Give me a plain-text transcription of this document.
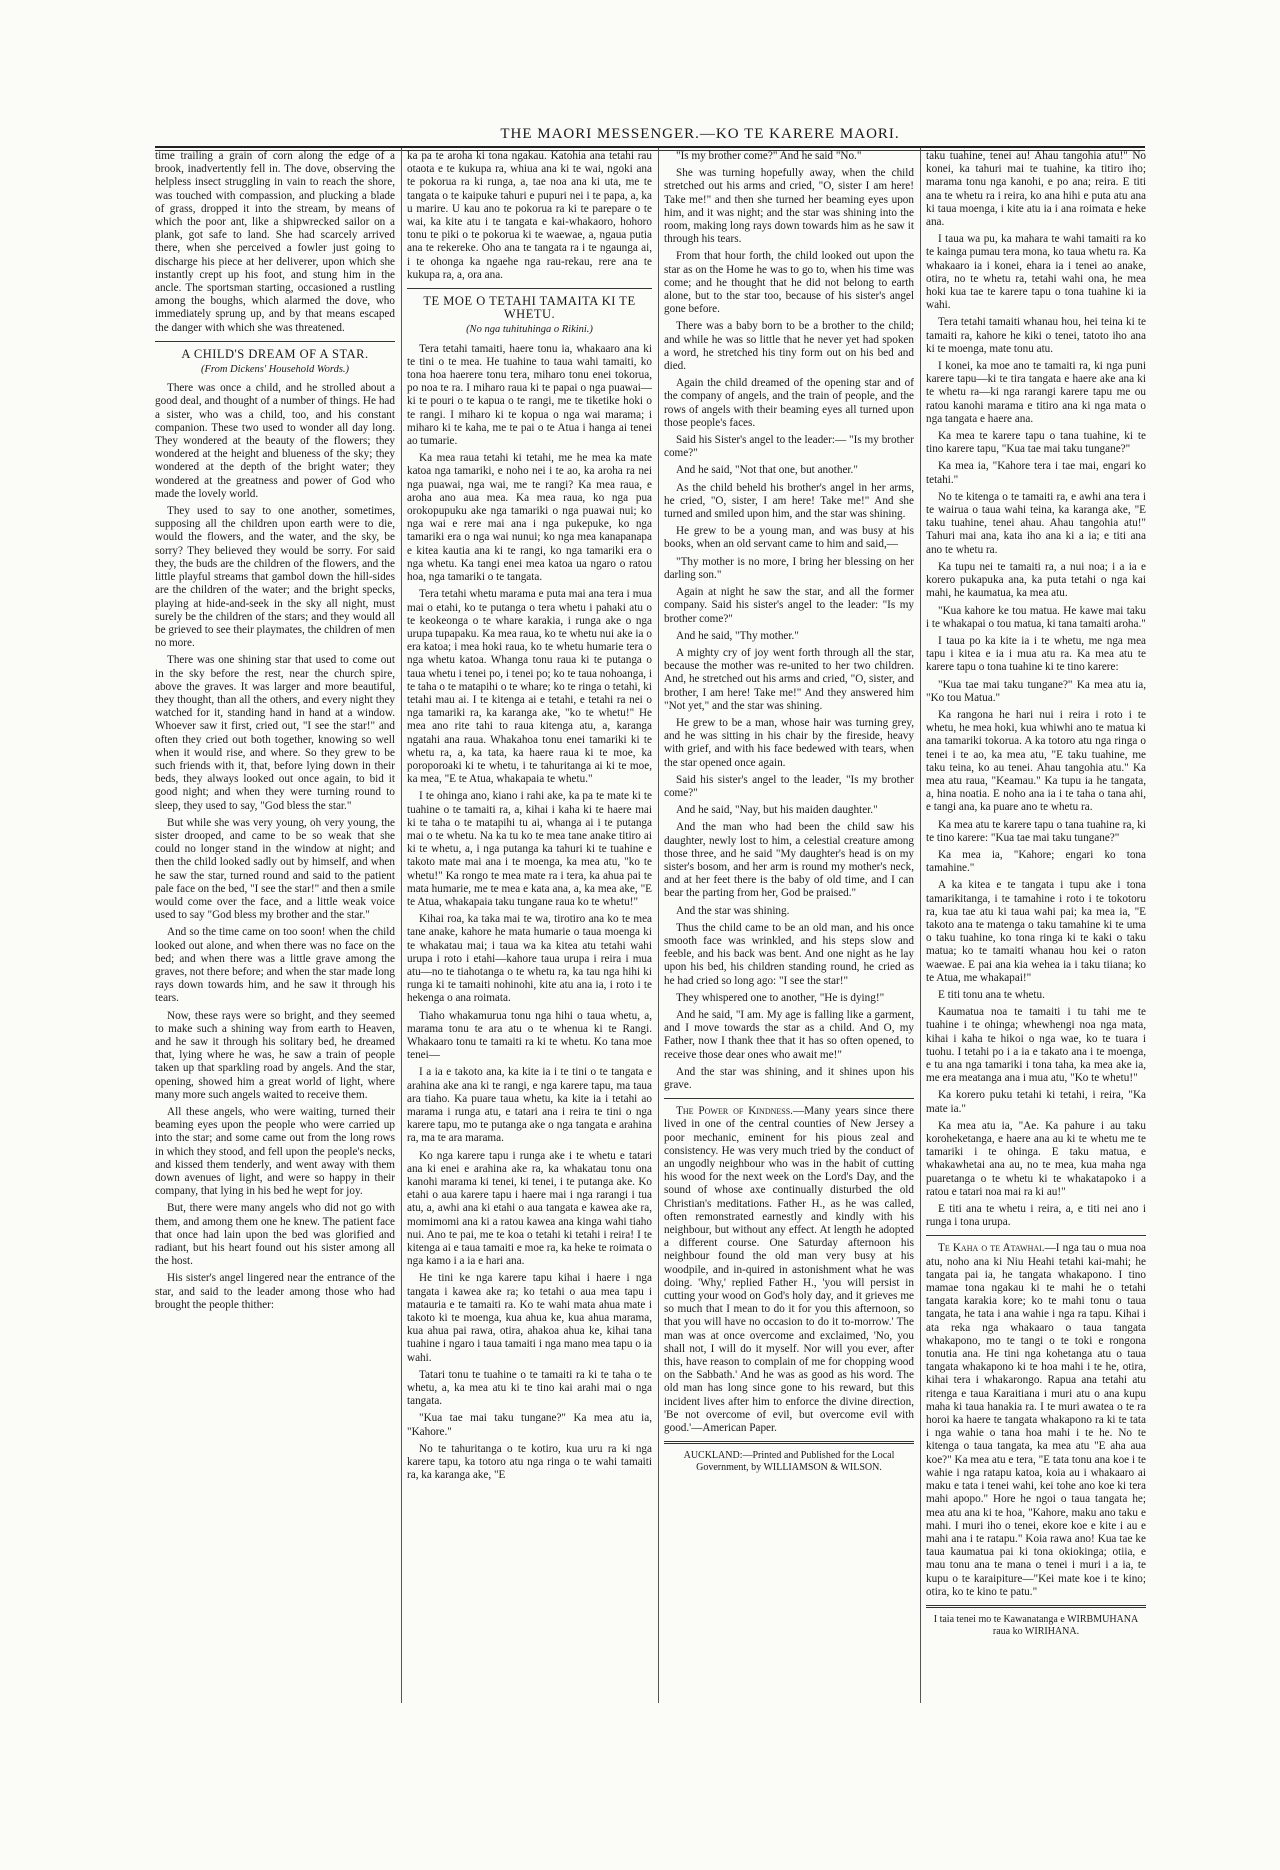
THE MAORI MESSENGER.—KO TE KARERE MAORI.

time trailing a grain of corn along the edge of a brook, inadvertently fell in. The dove, observing the helpless insect struggling in vain to reach the shore, was touched with compassion, and plucking a blade of grass, dropped it into the stream, by means of which the poor ant, like a shipwrecked sailor on a plank, got safe to land. She had scarcely arrived there, when she perceived a fowler just going to discharge his piece at her deliverer, upon which she instantly crept up his foot, and stung him in the ancle. The sportsman starting, occasioned a rustling among the boughs, which alarmed the dove, who immediately sprung up, and by that means escaped the danger with which she was threatened.

A CHILD'S DREAM OF A STAR.
(From Dickens' Household Words.)

There was once a child, and he strolled about a good deal, and thought of a number of things. He had a sister, who was a child, too, and his constant companion. These two used to wonder all day long. They wondered at the beauty of the flowers; they wondered at the height and blueness of the sky; they wondered at the depth of the bright water; they wondered at the greatness and power of God who made the lovely world.

They used to say to one another, sometimes, supposing all the children upon earth were to die, would the flowers, and the water, and the sky, be sorry? They believed they would be sorry. For said they, the buds are the children of the flowers, and the little playful streams that gambol down the hill-sides are the children of the water; and the bright specks, playing at hide-and-seek in the sky all night, must surely be the children of the stars; and they would all be grieved to see their playmates, the children of men no more.

There was one shining star that used to come out in the sky before the rest, near the church spire, above the graves. It was larger and more beautiful, they thought, than all the others, and every night they watched for it, standing hand in hand at a window. Whoever saw it first, cried out, "I see the star!" and often they cried out both together, knowing so well when it would rise, and where. So they grew to be such friends with it, that, before lying down in their beds, they always looked out once again, to bid it good night; and when they were turning round to sleep, they used to say, "God bless the star."

But while she was very young, oh very young, the sister drooped, and came to be so weak that she could no longer stand in the window at night; and then the child looked sadly out by himself, and when he saw the star, turned round and said to the patient pale face on the bed, "I see the star!" and then a smile would come over the face, and a little weak voice used to say "God bless my brother and the star."

And so the time came on too soon! when the child looked out alone, and when there was no face on the bed; and when there was a little grave among the graves, not there before; and when the star made long rays down towards him, and he saw it through his tears.

Now, these rays were so bright, and they seemed to make such a shining way from earth to Heaven, and he saw it through his solitary bed, he dreamed that, lying where he was, he saw a train of people taken up that sparkling road by angels. And the star, opening, showed him a great world of light, where many more such angels waited to receive them.

All these angels, who were waiting, turned their beaming eyes upon the people who were carried up into the star; and some came out from the long rows in which they stood, and fell upon the people's necks, and kissed them tenderly, and went away with them down avenues of light, and were so happy in their company, that lying in his bed he wept for joy.

But, there were many angels who did not go with them, and among them one he knew. The patient face that once had lain upon the bed was glorified and radiant, but his heart found out his sister among all the host.

His sister's angel lingered near the entrance of the star, and said to the leader among those who had brought the people thither:

ka pa te aroha ki tona ngakau. Katohia ana tetahi rau otaota e te kukupa ra, whiua ana ki te wai, ngoki ana te pokorua ra ki runga, a, tae noa ana ki uta, me te tangata o te kaipuke tahuri e pupuri nei i te papa, a, ka u marire. U kau ano te pokorua ra ki te parepare o te wai, ka kite atu i te tangata e kai-whakaoro, hohoro tonu te piki o te pokorua ki te waewae, a, ngaua putia ana te rekereke. Oho ana te tangata ra i te ngaunga ai, i te ohonga ka ngaehe nga rau-rekau, rere ana te kukupa ra, a, ora ana.

TE MOE O TETAHI TAMAITA KI TE WHETU.
(No nga tuhituhinga o Rikini.)

Tera tetahi tamaiti, haere tonu ia, whakaaro ana ki te tini o te mea. He tuahine to taua wahi tamaiti, ko tona hoa haerere tonu tera, miharo tonu enei tokorua, po noa te ra. I miharo raua ki te papai o nga puawai—ki te pouri o te kapua o te rangi, me te tiketike hoki o te rangi. I miharo ki te kopua o nga wai marama; i miharo ki te kaha, me te pai o te Atua i hanga ai tenei ao tumarie.

Ka mea raua tetahi ki tetahi, me he mea ka mate katoa nga tamariki, e noho nei i te ao, ka aroha ra nei nga puawai, nga wai, me te rangi? Ka mea raua, e aroha ano aua mea. Ka mea raua, ko nga pua orokopupuku ake nga tamariki o nga puawai nui; ko nga wai e rere mai ana i nga pukepuke, ko nga tamariki era o nga wai nunui; ko nga mea kanapanapa e kitea kautia ana ki te rangi, ko nga tamariki era o nga whetu. Ka tangi enei mea katoa ua ngaro o ratou hoa, nga tamariki o te tangata.

Tera tetahi whetu marama e puta mai ana tera i mua mai o etahi, ko te putanga o tera whetu i pahaki atu o te keokeonga o te whare karakia, i runga ake o nga urupa tupapaku. Ka mea raua, ko te whetu nui ake ia o era katoa; i mea hoki raua, ko te whetu humarie tera o nga whetu katoa. Whanga tonu raua ki te putanga o taua whetu i tenei po, i tenei po; ko te taua nohoanga, i te taha o te matapihi o te whare; ko te ringa o tetahi, ki tetahi mau ai. I te kitenga ai e tetahi, e tetahi ra nei o nga tamariki ra, ka karanga ake, "ko te whetu!" He mea ano rite tahi to raua kitenga atu, a, karanga ngatahi ana raua. Whakahoa tonu enei tamariki ki te whetu ra, a, ka tata, ka haere raua ki te moe, ka poroporoaki ki te whetu, i te tahuritanga ai ki te moe, ka mea, "E te Atua, whakapaia te whetu."

I te ohinga ano, kiano i rahi ake, ka pa te mate ki te tuahine o te tamaiti ra, a, kihai i kaha ki te haere mai ki te taha o te matapihi tu ai, whanga ai i te putanga mai o te whetu. Na ka tu ko te mea tane anake titiro ai ki te whetu, a, i nga putanga ka tahuri ki te tuahine e takoto mate mai ana i te moenga, ka mea atu, "ko te whetu!" Ka rongo te mea mate ra i tera, ka ahua pai te mata humarie, me te mea e kata ana, a, ka mea ake, "E te Atua, whakapaia taku tungane raua ko te whetu!"

Kihai roa, ka taka mai te wa, tirotiro ana ko te mea tane anake, kahore he mata humarie o taua moenga ki te whakatau mai; i taua wa ka kitea atu tetahi wahi urupa i roto i etahi—kahore taua urupa i reira i mua atu—no te tiahotanga o te whetu ra, ka tau nga hihi ki runga ki te tamaiti nohinohi, kite atu ana ia, i roto i te hekenga o ana roimata.

Tiaho whakamurua tonu nga hihi o taua whetu, a, marama tonu te ara atu o te whenua ki te Rangi. Whakaaro tonu te tamaiti ra ki te whetu. Ko tana moe tenei—

I a ia e takoto ana, ka kite ia i te tini o te tangata e arahina ake ana ki te rangi, e nga karere tapu, ma taua ara tiaho. Ka puare taua whetu, ka kite ia i tetahi ao marama i runga atu, e tatari ana i reira te tini o nga karere tapu, mo te putanga ake o nga tangata e arahina ra, ma te ara marama.

Ko nga karere tapu i runga ake i te whetu e tatari ana ki enei e arahina ake ra, ka whakatau tonu ona kanohi marama ki tenei, ki tenei, i te putanga ake. Ko etahi o aua karere tapu i haere mai i nga rarangi i tua atu, a, awhi ana ki etahi o aua tangata e kawea ake ra, momimomi ana ki a ratou kawea ana kinga wahi tiaho nui. Ano te pai, me te koa o tetahi ki tetahi i reira! I te kitenga ai e taua tamaiti e moe ra, ka heke te roimata o nga kamo i a ia e hari ana.

He tini ke nga karere tapu kihai i haere i nga tangata i kawea ake ra; ko tetahi o aua mea tapu i matauria e te tamaiti ra. Ko te wahi mata ahua mate i takoto ki te moenga, kua ahua ke, kua ahua marama, kua ahua pai rawa, otira, ahakoa ahua ke, kihai tana tuahine i ngaro i taua tamaiti i nga mano mea tapu o ia wahi.

Tatari tonu te tuahine o te tamaiti ra ki te taha o te whetu, a, ka mea atu ki te tino kai arahi mai o nga tangata.

"Kua tae mai taku tungane?" Ka mea atu ia, "Kahore."

No te tahuritanga o te kotiro, kua uru ra ki nga karere tapu, ka totoro atu nga ringa o te wahi tamaiti ra, ka karanga ake, "E

"Is my brother come?" And he said "No."

She was turning hopefully away, when the child stretched out his arms and cried, "O, sister I am here! Take me!" and then she turned her beaming eyes upon him, and it was night; and the star was shining into the room, making long rays down towards him as he saw it through his tears.

From that hour forth, the child looked out upon the star as on the Home he was to go to, when his time was come; and he thought that he did not belong to earth alone, but to the star too, because of his sister's angel gone before.

There was a baby born to be a brother to the child; and while he was so little that he never yet had spoken a word, he stretched his tiny form out on his bed and died.

Again the child dreamed of the opening star and of the company of angels, and the train of people, and the rows of angels with their beaming eyes all turned upon those people's faces.

Said his Sister's angel to the leader:— "Is my brother come?"

And he said, "Not that one, but another."

As the child beheld his brother's angel in her arms, he cried, "O, sister, I am here! Take me!" And she turned and smiled upon him, and the star was shining.

He grew to be a young man, and was busy at his books, when an old servant came to him and said,—

"Thy mother is no more, I bring her blessing on her darling son."

Again at night he saw the star, and all the former company. Said his sister's angel to the leader: "Is my brother come?"

And he said, "Thy mother."

A mighty cry of joy went forth through all the star, because the mother was re-united to her two children. And, he stretched out his arms and cried, "O, sister, and brother, I am here! Take me!" And they answered him "Not yet," and the star was shining.

He grew to be a man, whose hair was turning grey, and he was sitting in his chair by the fireside, heavy with grief, and with his face bedewed with tears, when the star opened once again.

Said his sister's angel to the leader, "Is my brother come?"

And he said, "Nay, but his maiden daughter."

And the man who had been the child saw his daughter, newly lost to him, a celestial creature among those three, and he said "My daughter's head is on my sister's bosom, and her arm is round my mother's neck, and at her feet there is the baby of old time, and I can bear the parting from her, God be praised."

And the star was shining.

Thus the child came to be an old man, and his once smooth face was wrinkled, and his steps slow and feeble, and his back was bent. And one night as he lay upon his bed, his children standing round, he cried as he had cried so long ago: "I see the star!"

They whispered one to another, "He is dying!"

And he said, "I am. My age is falling like a garment, and I move towards the star as a child. And O, my Father, now I thank thee that it has so often opened, to receive those dear ones who await me!"

And the star was shining, and it shines upon his grave.

The Power of Kindness.—Many years since there lived in one of the central counties of New Jersey a poor mechanic, eminent for his pious zeal and consistency. He was very much tried by the conduct of an ungodly neighbour who was in the habit of cutting his wood for the next week on the Lord's Day, and the sound of whose axe continually disturbed the old Christian's meditations. Father H., as he was called, often remonstrated earnestly and kindly with his neighbour, but without any effect. At length he adopted a different course. One Saturday afternoon his neighbour found the old man very busy at his woodpile, and in-quired in astonishment what he was doing. 'Why,' replied Father H., 'you will persist in cutting your wood on God's holy day, and it grieves me so much that I mean to do it for you this afternoon, so that you will have no occasion to do it to-morrow.' The man was at once overcome and exclaimed, 'No, you shall not, I will do it myself. Nor will you ever, after this, have reason to complain of me for chopping wood on the Sabbath.' And he was as good as his word. The old man has long since gone to his reward, but this incident lives after him to enforce the divine direction, 'Be not overcome of evil, but overcome evil with good.'—American Paper.

AUCKLAND:—Printed and Published for the Local Government, by WILLIAMSON & WILSON.

taku tuahine, tenei au! Ahau tangohia atu!" No konei, ka tahuri mai te tuahine, ka titiro iho; marama tonu nga kanohi, e po ana; reira. E titi ana te whetu ra i reira, ko ana hihi e puta atu ana ki taua moenga, i kite atu ia i ana roimata e heke ana.

I taua wa pu, ka mahara te wahi tamaiti ra ko te kainga pumau tera mona, ko taua whetu ra. Ka whakaaro ia i konei, ehara ia i tenei ao anake, otira, no te whetu ra, tetahi wahi ona, he mea hoki kua tae te karere tapu o tona tuahine ki ia wahi.

Tera tetahi tamaiti whanau hou, hei teina ki te tamaiti ra, kahore he kiki o tenei, tatoto iho ana ki te moenga, mate tonu atu.

I konei, ka moe ano te tamaiti ra, ki nga puni karere tapu—ki te tira tangata e haere ake ana ki te whetu ra—ki nga rarangi karere tapu me ou ratou kanohi marama e titiro ana ki nga mata o nga tangata e haere ana.

Ka mea te karere tapu o tana tuahine, ki te tino karere tapu, "Kua tae mai taku tungane?"

Ka mea ia, "Kahore tera i tae mai, engari ko tetahi."

No te kitenga o te tamaiti ra, e awhi ana tera i te wairua o taua wahi teina, ka karanga ake, "E taku tuahine, tenei ahau. Ahau tangohia atu!" Tahuri mai ana, kata iho ana ki a ia; e titi ana ano te whetu ra.

Ka tupu nei te tamaiti ra, a nui noa; i a ia e korero pukapuka ana, ka puta tetahi o nga kai mahi, he kaumatua, ka mea atu.

"Kua kahore ke tou matua. He kawe mai taku i te whakapai o tou matua, ki tana tamaiti aroha."

I taua po ka kite ia i te whetu, me nga mea tapu i kitea e ia i mua atu ra. Ka mea atu te karere tapu o tona tuahine ki te tino karere:

"Kua tae mai taku tungane?" Ka mea atu ia, "Ko tou Matua."

Ka rangona he hari nui i reira i roto i te whetu, he mea hoki, kua whiwhi ano te matua ki ana tamariki tokorua. A ka totoro atu nga ringa o tenei i te ao, ka mea atu, "E taku tuahine, me taku teina, ko au tenei. Ahau tangohia atu." Ka mea atu raua, "Keamau." Ka tupu ia he tangata, a, hina noatia. E noho ana ia i te taha o tana ahi, e tangi ana, ka puare ano te whetu ra.

Ka mea atu te karere tapu o tana tuahine ra, ki te tino karere: "Kua tae mai taku tungane?"

Ka mea ia, "Kahore; engari ko tona tamahine."

A ka kitea e te tangata i tupu ake i tona tamarikitanga, i te tamahine i roto i te tokotoru ra, kua tae atu ki taua wahi pai; ka mea ia, "E takoto ana te matenga o taku tamahine ki te uma o taku tuahine, ko tona ringa ki te kaki o taku matua; ko te tamaiti whanau hou kei o raton waewae. E pai ana kia wehea ia i taku tiiana; ko te Atua, me whakapai!"

E titi tonu ana te whetu.

Kaumatua noa te tamaiti i tu tahi me te tuahine i te ohinga; whewhengi noa nga mata, kihai i kaha te hikoi o nga wae, ko te tuara i tuohu. I tetahi po i a ia e takato ana i te moenga, e tu ana nga tamariki i tona taha, ka mea ake ia, me era meatanga ana i mua atu, "Ko te whetu!"

Ka korero puku tetahi ki tetahi, i reira, "Ka mate ia."

Ka mea atu ia, "Ae. Ka pahure i au taku koroheketanga, e haere ana au ki te whetu me te tamariki i te ohinga. E taku matua, e whakawhetai ana au, no te mea, kua maha nga puaretanga o te whetu ki te whakatapoko i a ratou e tatari noa mai ra ki au!"

E titi ana te whetu i reira, a, e titi nei ano i runga i tona urupa.

Te Kaha o te Atawhai.—I nga tau o mua noa atu, noho ana ki Niu Heahi tetahi kai-mahi; he tangata pai ia, he tangata whakapono. I tino mamae tona ngakau ki te mahi he o tetahi tangata karakia kore; ko te mahi tonu o taua tangata, he tata i ana wahie i nga ra tapu. Kihai i ata reka nga whakaaro o taua tangata whakapono, mo te tangi o te toki e rongona tonutia ana. He tini nga kohetanga atu o taua tangata whakapono ki te hoa mahi i te he, otira, kihai tera i whakarongo. Rapua ana tetahi atu ritenga e taua Karaitiana i muri atu o ana kupu maha ki taua hanakia ra. I te muri awatea o te ra horoi ka haere te tangata whakapono ra ki te tata i nga wahie o tana hoa mahi i te he. No te kitenga o taua tangata, ka mea atu "E aha aua koe?" Ka mea atu e tera, "E tata tonu ana koe i te wahie i nga ratapu katoa, koia au i whakaaro ai maku e tata i tenei wahi, kei tohe ano koe ki tera mahi apopo." Hore he ngoi o taua tangata he; mea atu ana ki te hoa, "Kahore, maku ano taku e mahi. I muri iho o tenei, ekore koe e kite i au e mahi ana i te ratapu." Koia rawa ano! Kua tae ke taua kaumatua pai ki tona okiokinga; otiia, e mau tonu ana te mana o tenei i muri i a ia, te kupu o te karaipiture—"Kei mate koe i te kino; otira, ko te kino te patu."

I taia tenei mo te Kawanatanga e WIRBMUHANA raua ko WIRIHANA.
